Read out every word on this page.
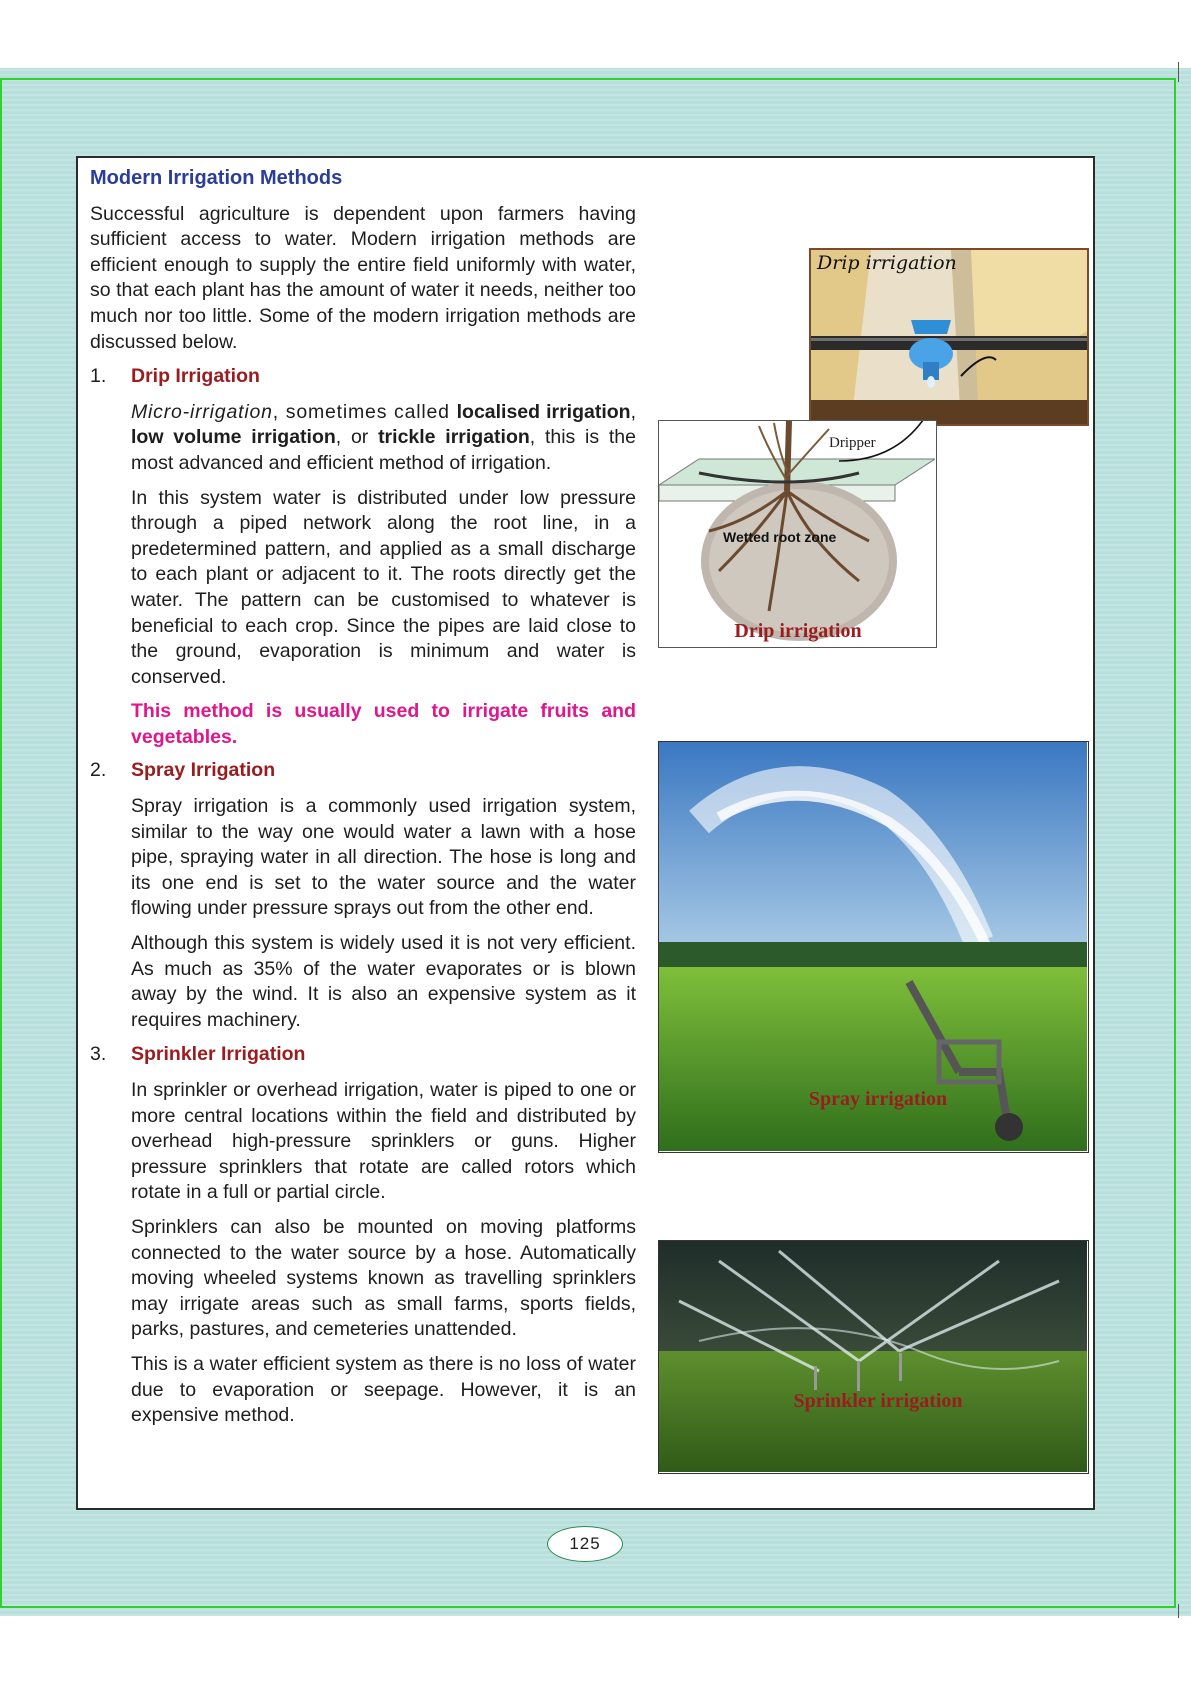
Modern Irrigation Methods
Successful agriculture is dependent upon farmers having sufficient access to water. Modern irrigation methods are efficient enough to supply the entire field uniformly with water, so that each plant has the amount of water it needs, neither too much nor too little. Some of the modern irrigation methods are discussed below.
1. Drip Irrigation
Micro-irrigation, sometimes called localised irrigation, low volume irrigation, or trickle irrigation, this is the most advanced and efficient method of irrigation.
In this system water is distributed under low pressure through a piped network along the root line, in a predetermined pattern, and applied as a small discharge to each plant or adjacent to it. The roots directly get the water. The pattern can be customised to whatever is beneficial to each crop. Since the pipes are laid close to the ground, evaporation is minimum and water is conserved.
This method is usually used to irrigate fruits and vegetables.
2. Spray Irrigation
Spray irrigation is a commonly used irrigation system, similar to the way one would water a lawn with a hose pipe, spraying water in all direction. The hose is long and its one end is set to the water source and the water flowing under pressure sprays out from the other end.
Although this system is widely used it is not very efficient. As much as 35% of the water evaporates or is blown away by the wind. It is also an expensive system as it requires machinery.
3. Sprinkler Irrigation
In sprinkler or overhead irrigation, water is piped to one or more central locations within the field and distributed by overhead high-pressure sprinklers or guns. Higher pressure sprinklers that rotate are called rotors which rotate in a full or partial circle.
Sprinklers can also be mounted on moving platforms connected to the water source by a hose. Automatically moving wheeled systems known as travelling sprinklers may irrigate areas such as small farms, sports fields, parks, pastures, and cemeteries unattended.
This is a water efficient system as there is no loss of water due to evaporation or seepage. However, it is an expensive method.
Drip irrigation
Dripper
Wetted root zone
Drip irrigation
Spray irrigation
Sprinkler irrigation
125
